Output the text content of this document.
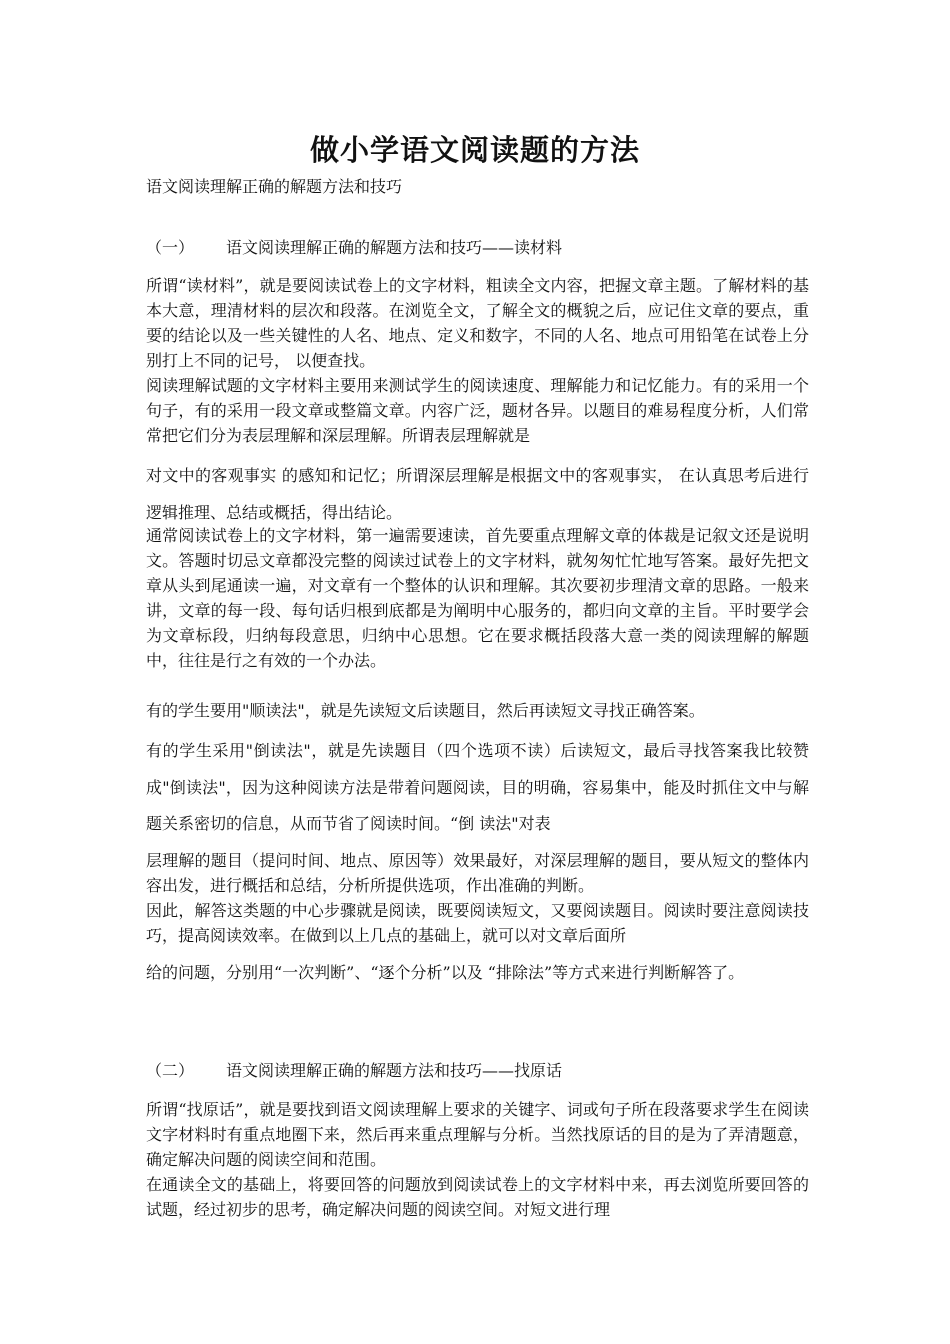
做小学语文阅读题的方法

语文阅读理解正确的解题方法和技巧

（一） 语文阅读理解正确的解题方法和技巧——读材料

所谓“读材料”，就是要阅读试卷上的文字材料，粗读全文内容，把握文章主题。了解材料的基本大意，理清材料的层次和段落。在浏览全文，了解全文的概貌之后，应记住文章的要点，重要的结论以及一些关键性的人名、地点、定义和数字，不同的人名、地点可用铅笔在试卷上分别打上不同的记号， 以便查找。

阅读理解试题的文字材料主要用来测试学生的阅读速度、理解能力和记忆能力。有的采用一个句子，有的采用一段文章或整篇文章。内容广泛，题材各异。以题目的难易程度分析，人们常常把它们分为表层理解和深层理解。所谓表层理解就是

对文中的客观事实 的感知和记忆；所谓深层理解是根据文中的客观事实， 在认真思考后进行逻辑推理、总结或概括，得出结论。

通常阅读试卷上的文字材料，第一遍需要速读，首先要重点理解文章的体裁是记叙文还是说明文。答题时切忌文章都没完整的阅读过试卷上的文字材料，就匆匆忙忙地写答案。最好先把文章从头到尾通读一遍，对文章有一个整体的认识和理解。其次要初步理清文章的思路。一般来讲，文章的每一段、每句话归根到底都是为阐明中心服务的，都归向文章的主旨。平时要学会为文章标段，归纳每段意思，归纳中心思想。它在要求概括段落大意一类的阅读理解的解题中，往往是行之有效的一个办法。

有的学生要用"顺读法"，就是先读短文后读题目，然后再读短文寻找正确答案。

有的学生采用"倒读法"，就是先读题目（四个选项不读）后读短文，最后寻找答案我比较赞成"倒读法"，因为这种阅读方法是带着问题阅读，目的明确，容易集中，能及时抓住文中与解题关系密切的信息，从而节省了阅读时间。“倒 读法"对表

层理解的题目（提问时间、地点、原因等）效果最好，对深层理解的题目，要从短文的整体内容出发，进行概括和总结，分析所提供选项，作出准确的判断。

因此，解答这类题的中心步骤就是阅读，既要阅读短文，又要阅读题目。阅读时要注意阅读技巧，提高阅读效率。在做到以上几点的基础上，就可以对文章后面所

给的问题，分别用“一次判断”、“逐个分析”以及 “排除法”等方式来进行判断解答了。

（二） 语文阅读理解正确的解题方法和技巧——找原话

所谓“找原话”，就是要找到语文阅读理解上要求的关键字、词或句子所在段落要求学生在阅读文字材料时有重点地圈下来，然后再来重点理解与分析。当然找原话的目的是为了弄清题意，确定解决问题的阅读空间和范围。

在通读全文的基础上，将要回答的问题放到阅读试卷上的文字材料中来，再去浏览所要回答的试题，经过初步的思考，确定解决问题的阅读空间。对短文进行理
